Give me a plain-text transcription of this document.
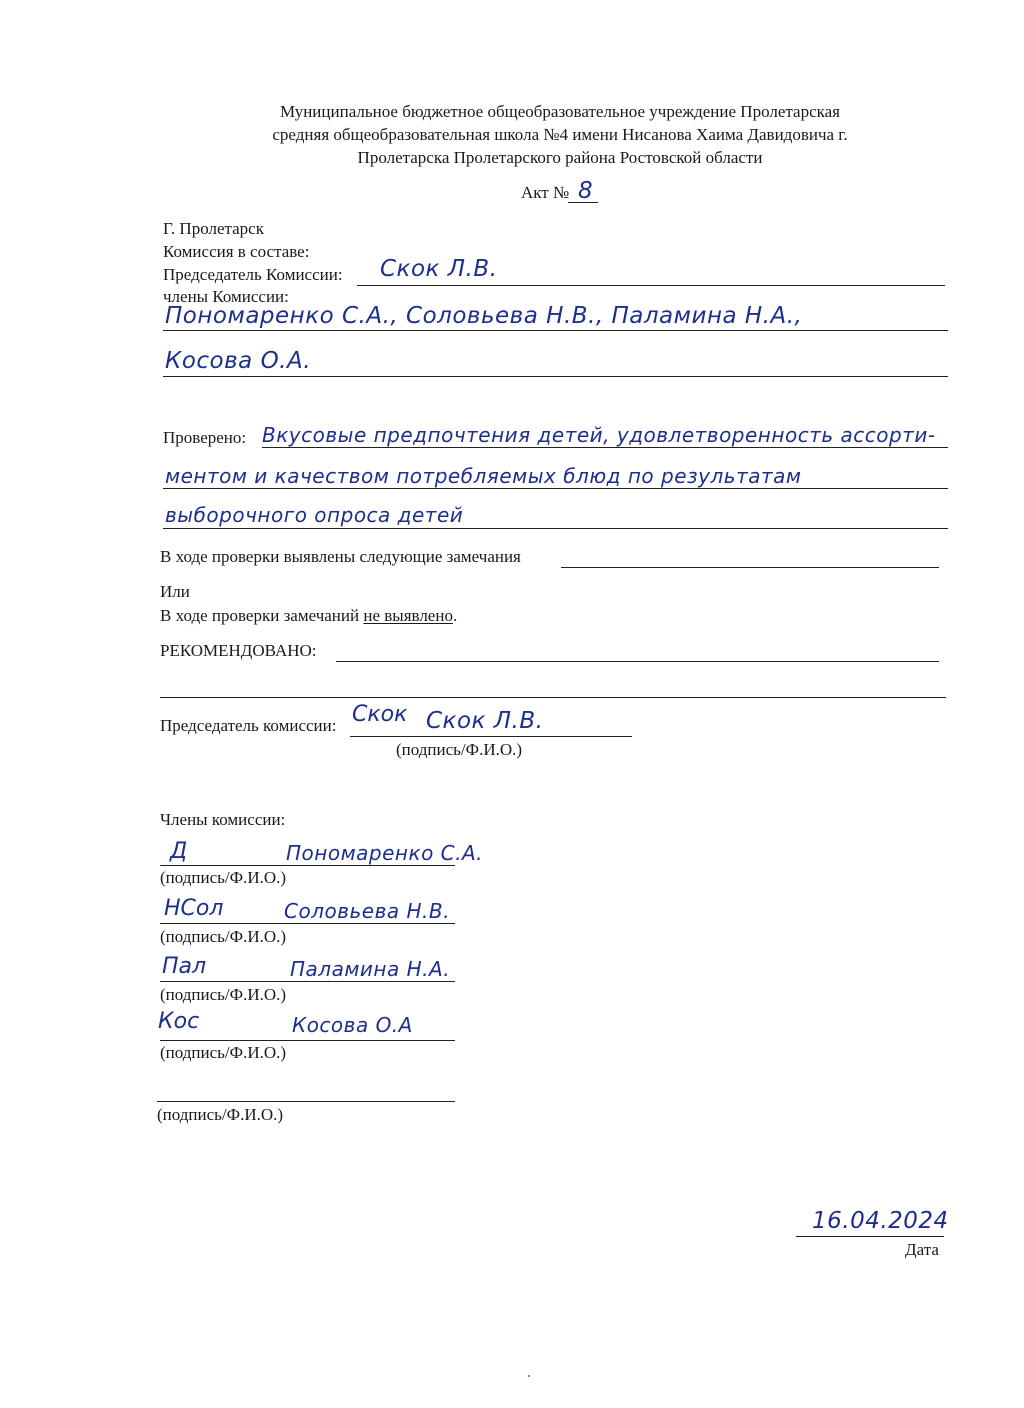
Муниципальное бюджетное общеобразовательное учреждение Пролетарская
средняя общеобразовательная школа №4 имени Нисанова Хаима Давидовича г.
Пролетарска Пролетарского района Ростовской области
Акт № 8
Г. Пролетарск
Комиссия в составе:
Председатель Комиссии: Скок Л.В.
члены Комиссии:
Пономаренко С.А., Соловьева Н.В., Паламина Н.А.,
Косова О.А.
Проверено: Вкусовые предпочтения детей, удовлетворенность ассорти-
ментом и качеством потребляемых блюд по результатам
выборочного опроса детей
В ходе проверки выявлены следующие замечания
Или
В ходе проверки замечаний не выявлено.
РЕКОМЕНДОВАНО:
Председатель комиссии: Скок Скок Л.В.
(подпись/Ф.И.О.)
Члены комиссии:
Д	Пономаренко С.А.
(подпись/Ф.И.О.)
НСол	Соловьева Н.В.
(подпись/Ф.И.О.)
Пал	Паламина Н.А.
(подпись/Ф.И.О.)
Кос	Косова О.А
(подпись/Ф.И.О.)
(подпись/Ф.И.О.)
16.04.2024
Дата
